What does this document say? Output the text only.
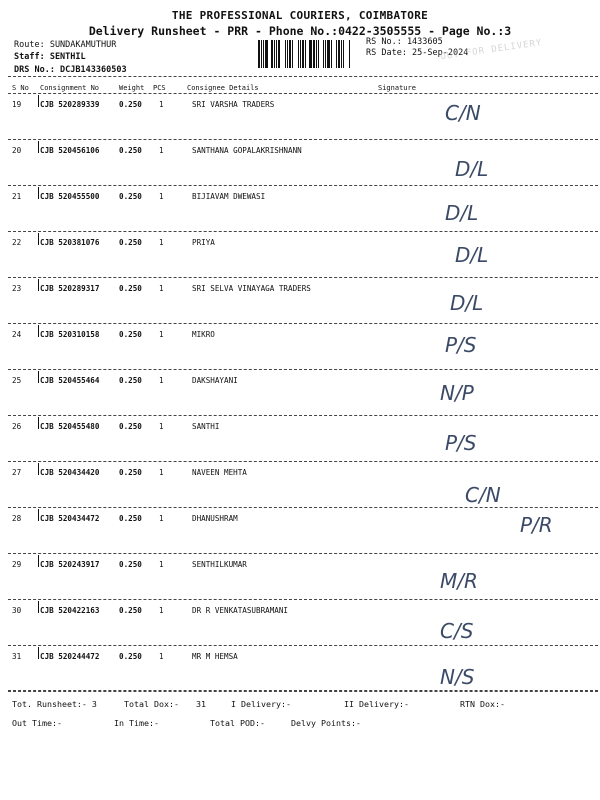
THE PROFESSIONAL COURIERS, COIMBATORE
Delivery Runsheet - PRR - Phone No.:0422-3505555 - Page No.:3
Route: SUNDAKAMUTHUR
Staff: SENTHIL
DRS No.: DCJB143360503
RS No.: 1433605
RS Date: 25-Sep-2024
OUT FOR DELIVERY
S No Consignment No	Weight PCS	Consignee Details	Signature
19 CJB 520289339	0.250 1	SRI VARSHA TRADERS	C/N
20 CJB 520456106	0.250 1	SANTHANA GOPALAKRISHNANN
D/L
21 CJB 520455500	0.250 1	BIJIAVAM DWEWASI
D/L
22 CJB 520381076	0.250 1	PRIYA
D/L
23 CJB 520289317	0.250 1	SRI SELVA VINAYAGA TRADERS
D/L
24 CJB 520310158	0.250 1	MIKRO	P/S
25 CJB 520455464	0.250 1	DAKSHAYANI
N/P
26 CJB 520455480	0.250 1	SANTHI
P/S
27 CJB 520434420	0.250 1	NAVEEN MEHTA
C/N
28 CJB 520434472	0.250 1	DHANUSHRAM	P/R
29 CJB 520243917	0.250 1	SENTHILKUMAR
M/R
30 CJB 520422163	0.250 1	DR R VENKATASUBRAMANI
C/S
31 CJB 520244472	0.250 1	MR M HEMSA
N/S
Tot. Runsheet:- 3	Total Dox:- 31	I Delivery:-	II Delivery:-	RTN Dox:-
Out Time:-	In Time:-	Total POD:-	Delvy Points:-
